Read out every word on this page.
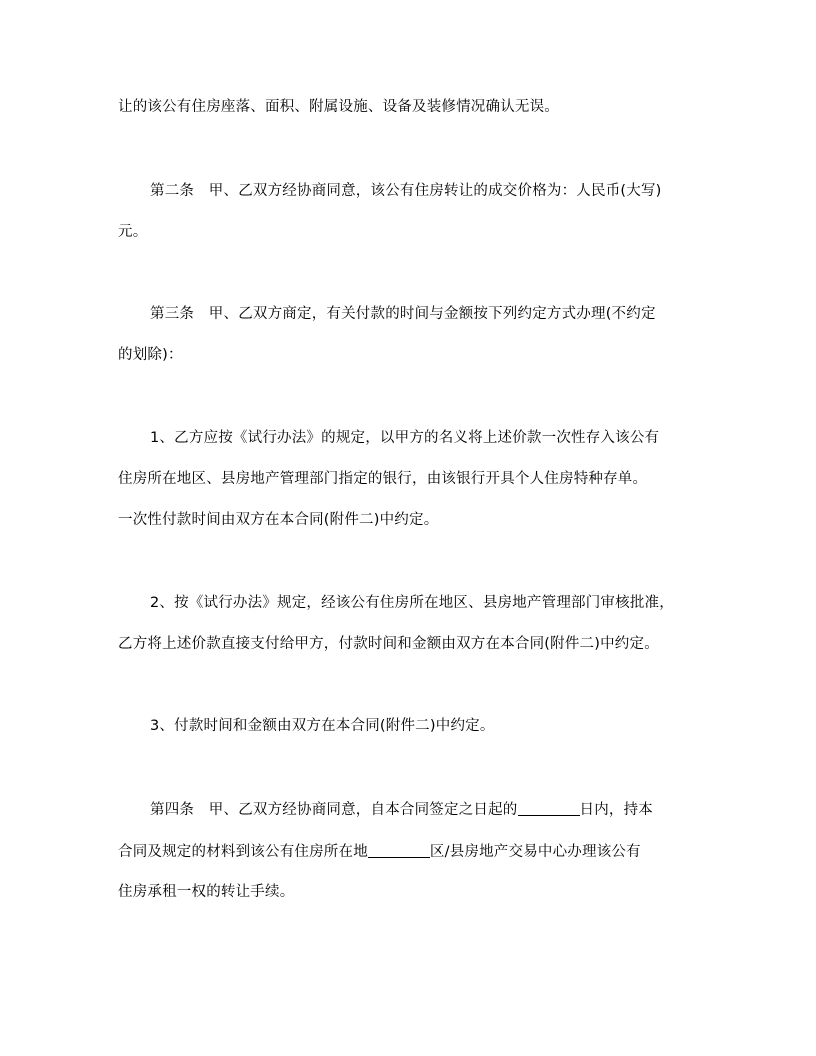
让的该公有住房座落、面积、附属设施、设备及装修情况确认无误。
第二条　甲、乙双方经协商同意，该公有住房转让的成交价格为：人民币(大写)
元。
第三条　甲、乙双方商定，有关付款的时间与金额按下列约定方式办理(不约定
的划除)：
1、乙方应按《试行办法》的规定，以甲方的名义将上述价款一次性存入该公有
住房所在地区、县房地产管理部门指定的银行，由该银行开具个人住房特种存单。
一次性付款时间由双方在本合同(附件二)中约定。
2、按《试行办法》规定，经该公有住房所在地区、县房地产管理部门审核批准，
乙方将上述价款直接支付给甲方，付款时间和金额由双方在本合同(附件二)中约定。
3、付款时间和金额由双方在本合同(附件二)中约定。
第四条　甲、乙双方经协商同意，自本合同签定之日起的	日内，持本
合同及规定的材料到该公有住房所在地	区/县房地产交易中心办理该公有
住房承租一权的转让手续。
